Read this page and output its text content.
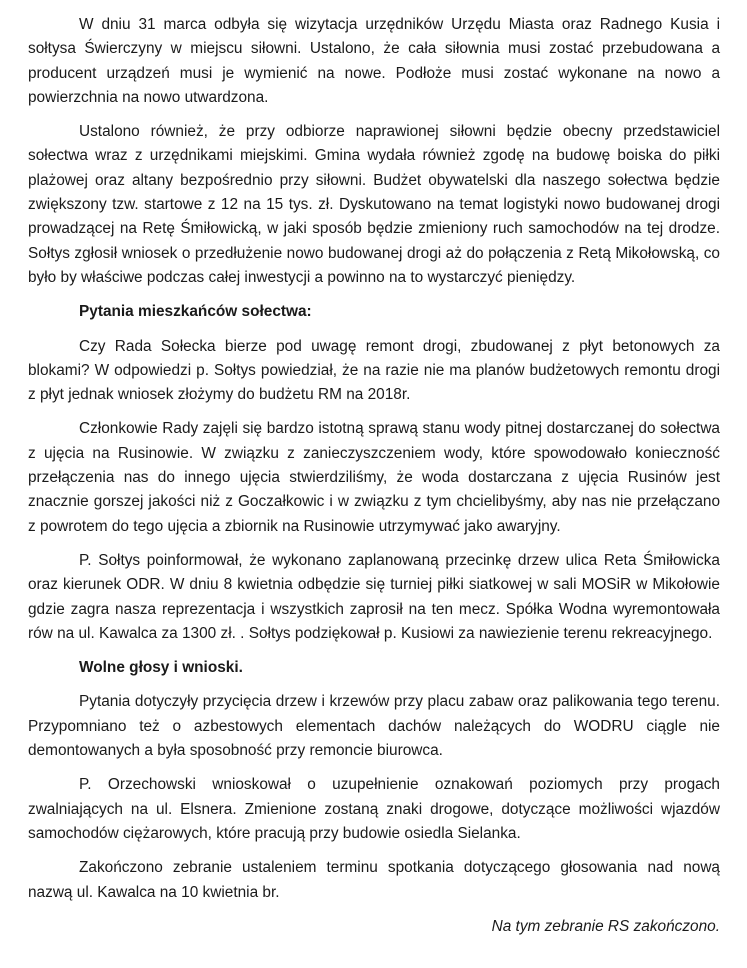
W dniu 31 marca odbyła się wizytacja urzędników Urzędu Miasta oraz Radnego Kusia i sołtysa Świerczyny w miejscu siłowni. Ustalono, że cała siłownia musi zostać przebudowana a producent urządzeń musi je wymienić na nowe. Podłoże musi zostać wykonane na nowo a powierzchnia na nowo utwardzona.

Ustalono również, że przy odbiorze naprawionej siłowni będzie obecny przedstawiciel sołectwa wraz z urzędnikami miejskimi. Gmina wydała również zgodę na budowę boiska do piłki plażowej oraz altany bezpośrednio przy siłowni. Budżet obywatelski dla naszego sołectwa będzie zwiększony tzw. startowe z 12 na 15 tys. zł. Dyskutowano na temat logistyki nowo budowanej drogi prowadzącej na Retę Śmiłowicką, w jaki sposób będzie zmieniony ruch samochodów na tej drodze. Sołtys zgłosił wniosek o przedłużenie nowo budowanej drogi aż do połączenia z Retą Mikołowską, co było by właściwe podczas całej inwestycji a powinno na to wystarczyć pieniędzy.

Pytania mieszkańców sołectwa:

Czy Rada Sołecka bierze pod uwagę remont drogi, zbudowanej z płyt betonowych za blokami? W odpowiedzi p. Sołtys powiedział, że na razie nie ma planów budżetowych remontu drogi z płyt jednak wniosek złożymy do budżetu RM na 2018r.

Członkowie Rady zajęli się bardzo istotną sprawą stanu wody pitnej dostarczanej do sołectwa z ujęcia na Rusinowie. W związku z zanieczyszczeniem wody, które spowodowało konieczność przełączenia nas do innego ujęcia stwierdziliśmy, że woda dostarczana z ujęcia Rusinów jest znacznie gorszej jakości niż z Goczałkowic i w związku z tym chcielibyśmy, aby nas nie przełączano z powrotem do tego ujęcia a zbiornik na Rusinowie utrzymywać jako awaryjny.

P. Sołtys poinformował, że wykonano zaplanowaną przecinkę drzew ulica Reta Śmiłowicka oraz kierunek ODR. W dniu 8 kwietnia odbędzie się turniej piłki siatkowej w sali MOSiR w Mikołowie gdzie zagra nasza reprezentacja i wszystkich zaprosił na ten mecz. Spółka Wodna wyremontowała rów na ul. Kawalca za 1300 zł. . Sołtys podziękował p. Kusiowi za nawiezienie terenu rekreacyjnego.

Wolne głosy i wnioski.

Pytania dotyczyły przycięcia drzew i krzewów przy placu zabaw oraz palikowania tego terenu. Przypomniano też o azbestowych elementach dachów należących do WODRU ciągle nie demontowanych a była sposobność przy remoncie biurowca.

P. Orzechowski wnioskował o uzupełnienie oznakowań poziomych przy progach zwalniających na ul. Elsnera. Zmienione zostaną znaki drogowe, dotyczące możliwości wjazdów samochodów ciężarowych, które pracują przy budowie osiedla Sielanka.

Zakończono zebranie ustaleniem terminu spotkania dotyczącego głosowania nad nową nazwą ul. Kawalca na 10 kwietnia br.

Na tym zebranie RS zakończono.
